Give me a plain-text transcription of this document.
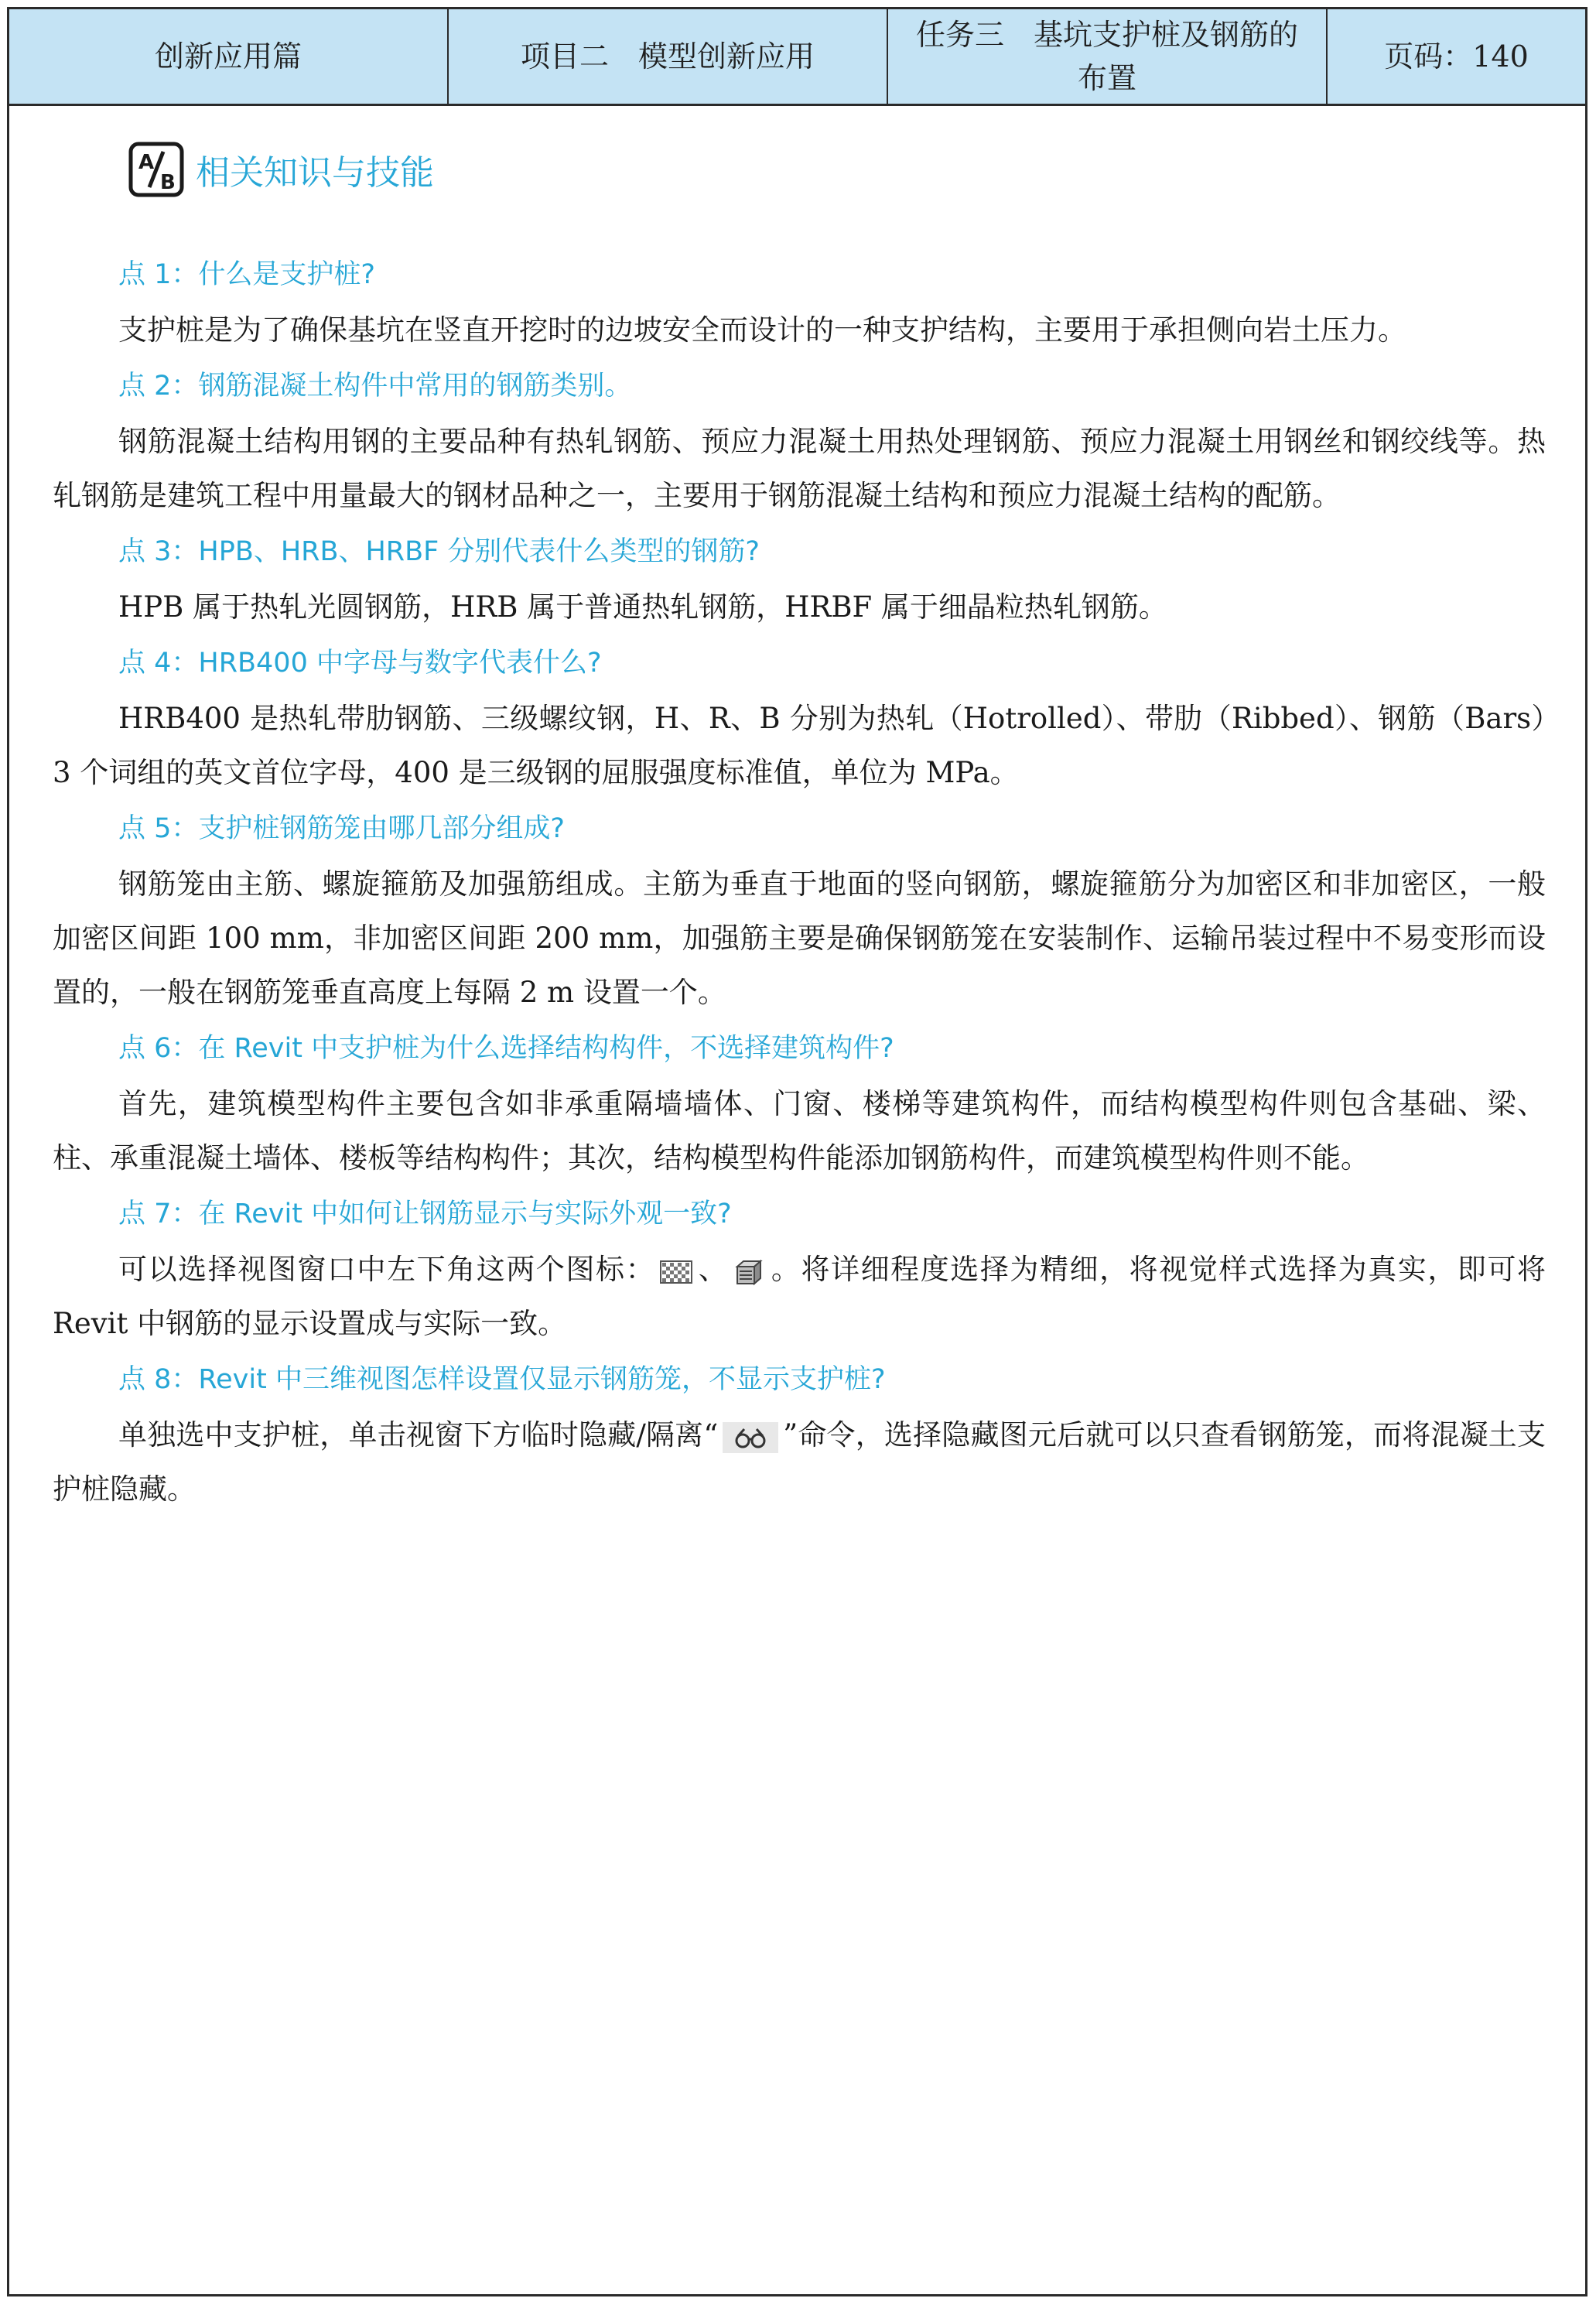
创新应用篇	项目二　模型创新应用
任务三　基坑支护桩及钢筋的布置
页码：140
A
B 相关知识与技能
点 1：什么是支护桩?

支护桩是为了确保基坑在竖直开挖时的边坡安全而设计的一种支护结构，主要用于承担侧向岩土压力。

点 2：钢筋混凝土构件中常用的钢筋类别。

钢筋混凝土结构用钢的主要品种有热轧钢筋、预应力混凝土用热处理钢筋、预应力混凝土用钢丝和钢绞线等。热轧钢筋是建筑工程中用量最大的钢材品种之一，主要用于钢筋混凝土结构和预应力混凝土结构的配筋。

点 3：HPB、HRB、HRBF 分别代表什么类型的钢筋?

HPB 属于热轧光圆钢筋，HRB 属于普通热轧钢筋，HRBF 属于细晶粒热轧钢筋。

点 4：HRB400 中字母与数字代表什么?

HRB400 是热轧带肋钢筋、三级螺纹钢，H、R、B 分别为热轧（Hotrolled）、带肋（Ribbed）、钢筋（Bars）3 个词组的英文首位字母，400 是三级钢的屈服强度标准值，单位为 MPa。

点 5：支护桩钢筋笼由哪几部分组成?

钢筋笼由主筋、螺旋箍筋及加强筋组成。主筋为垂直于地面的竖向钢筋，螺旋箍筋分为加密区和非加密区，一般加密区间距 100 mm，非加密区间距 200 mm，加强筋主要是确保钢筋笼在安装制作、运输吊装过程中不易变形而设置的，一般在钢筋笼垂直高度上每隔 2 m 设置一个。

点 6：在 Revit 中支护桩为什么选择结构构件，不选择建筑构件?

首先，建筑模型构件主要包含如非承重隔墙墙体、门窗、楼梯等建筑构件，而结构模型构件则包含基础、梁、柱、承重混凝土墙体、楼板等结构构件；其次，结构模型构件能添加钢筋构件，而建筑模型构件则不能。

点 7：在 Revit 中如何让钢筋显示与实际外观一致?

可以选择视图窗口中左下角这两个图标： 、 。将详细程度选择为精细，将视觉样式选择为真实，即可将 Revit 中钢筋的显示设置成与实际一致。

点 8：Revit 中三维视图怎样设置仅显示钢筋笼，不显示支护桩?

单独选中支护桩，单击视窗下方临时隐藏/隔离“ ”命令，选择隐藏图元后就可以只查看钢筋笼，而将混凝土支护桩隐藏。
